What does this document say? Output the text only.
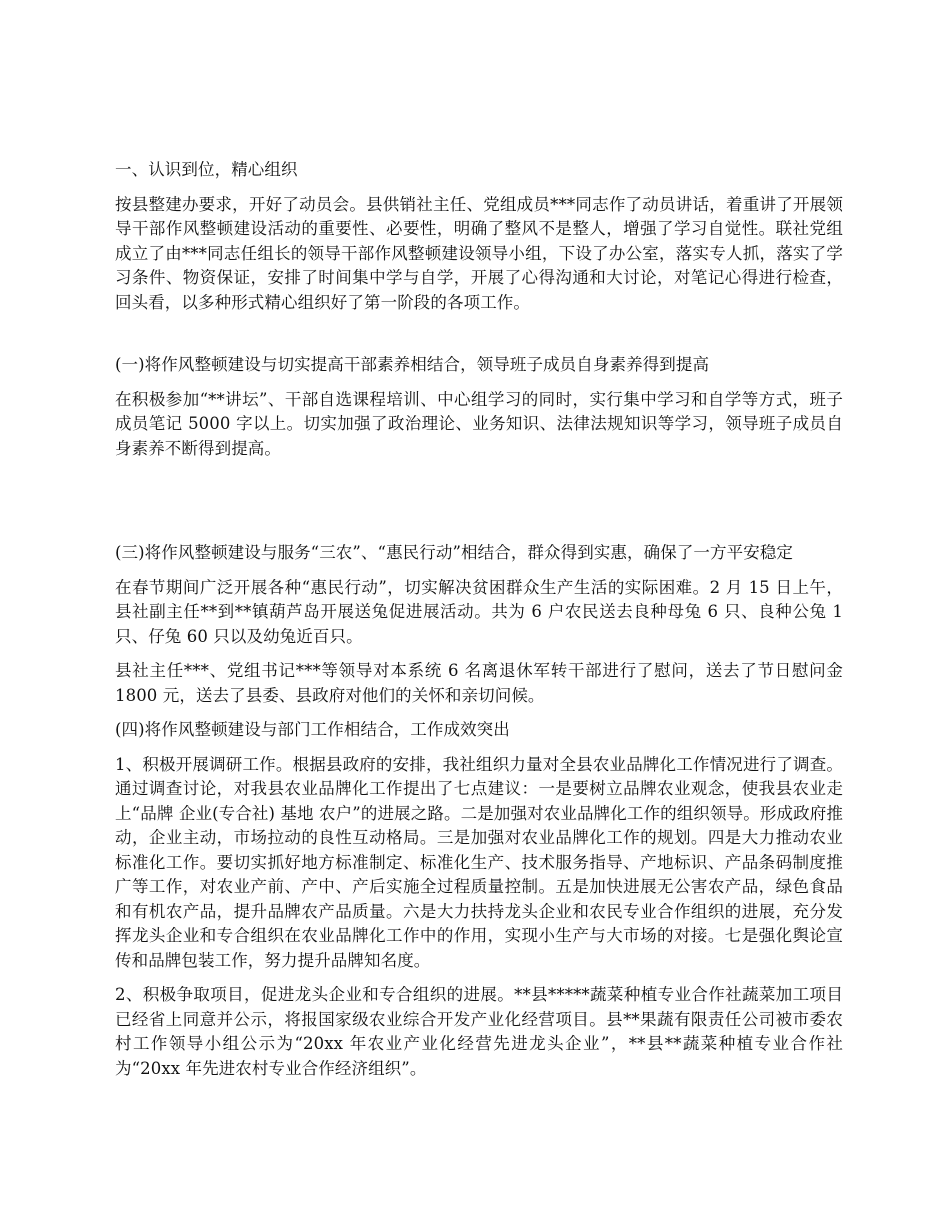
一、认识到位，精心组织

按县整建办要求，开好了动员会。县供销社主任、党组成员***同志作了动员讲话，着重讲了开展领导干部作风整顿建设活动的重要性、必要性，明确了整风不是整人，增强了学习自觉性。联社党组成立了由***同志任组长的领导干部作风整顿建设领导小组，下设了办公室，落实专人抓，落实了学习条件、物资保证，安排了时间集中学与自学，开展了心得沟通和大讨论，对笔记心得进行检查，回头看，以多种形式精心组织好了第一阶段的各项工作。

(一)将作风整顿建设与切实提高干部素养相结合，领导班子成员自身素养得到提高

在积极参加“**讲坛”、干部自选课程培训、中心组学习的同时，实行集中学习和自学等方式，班子成员笔记 5000 字以上。切实加强了政治理论、业务知识、法律法规知识等学习，领导班子成员自身素养不断得到提高。

(三)将作风整顿建设与服务“三农”、“惠民行动”相结合，群众得到实惠，确保了一方平安稳定

在春节期间广泛开展各种“惠民行动”，切实解决贫困群众生产生活的实际困难。2 月 15 日上午，县社副主任**到**镇葫芦岛开展送兔促进展活动。共为 6 户农民送去良种母兔 6 只、良种公兔 1 只、仔兔 60 只以及幼兔近百只。

县社主任***、党组书记***等领导对本系统 6 名离退休军转干部进行了慰问，送去了节日慰问金 1800 元，送去了县委、县政府对他们的关怀和亲切问候。

(四)将作风整顿建设与部门工作相结合，工作成效突出

1、积极开展调研工作。根据县政府的安排，我社组织力量对全县农业品牌化工作情况进行了调查。通过调查讨论，对我县农业品牌化工作提出了七点建议：一是要树立品牌农业观念，使我县农业走上“品牌 企业(专合社) 基地 农户”的进展之路。二是加强对农业品牌化工作的组织领导。形成政府推动，企业主动，市场拉动的良性互动格局。三是加强对农业品牌化工作的规划。四是大力推动农业标准化工作。要切实抓好地方标准制定、标准化生产、技术服务指导、产地标识、产品条码制度推广等工作，对农业产前、产中、产后实施全过程质量控制。五是加快进展无公害农产品，绿色食品和有机农产品，提升品牌农产品质量。六是大力扶持龙头企业和农民专业合作组织的进展，充分发挥龙头企业和专合组织在农业品牌化工作中的作用，实现小生产与大市场的对接。七是强化舆论宣传和品牌包装工作，努力提升品牌知名度。

2、积极争取项目，促进龙头企业和专合组织的进展。**县*****蔬菜种植专业合作社蔬菜加工项目已经省上同意并公示，将报国家级农业综合开发产业化经营项目。县**果蔬有限责任公司被市委农村工作领导小组公示为“20xx 年农业产业化经营先进龙头企业”，**县**蔬菜种植专业合作社为“20xx 年先进农村专业合作经济组织”。
